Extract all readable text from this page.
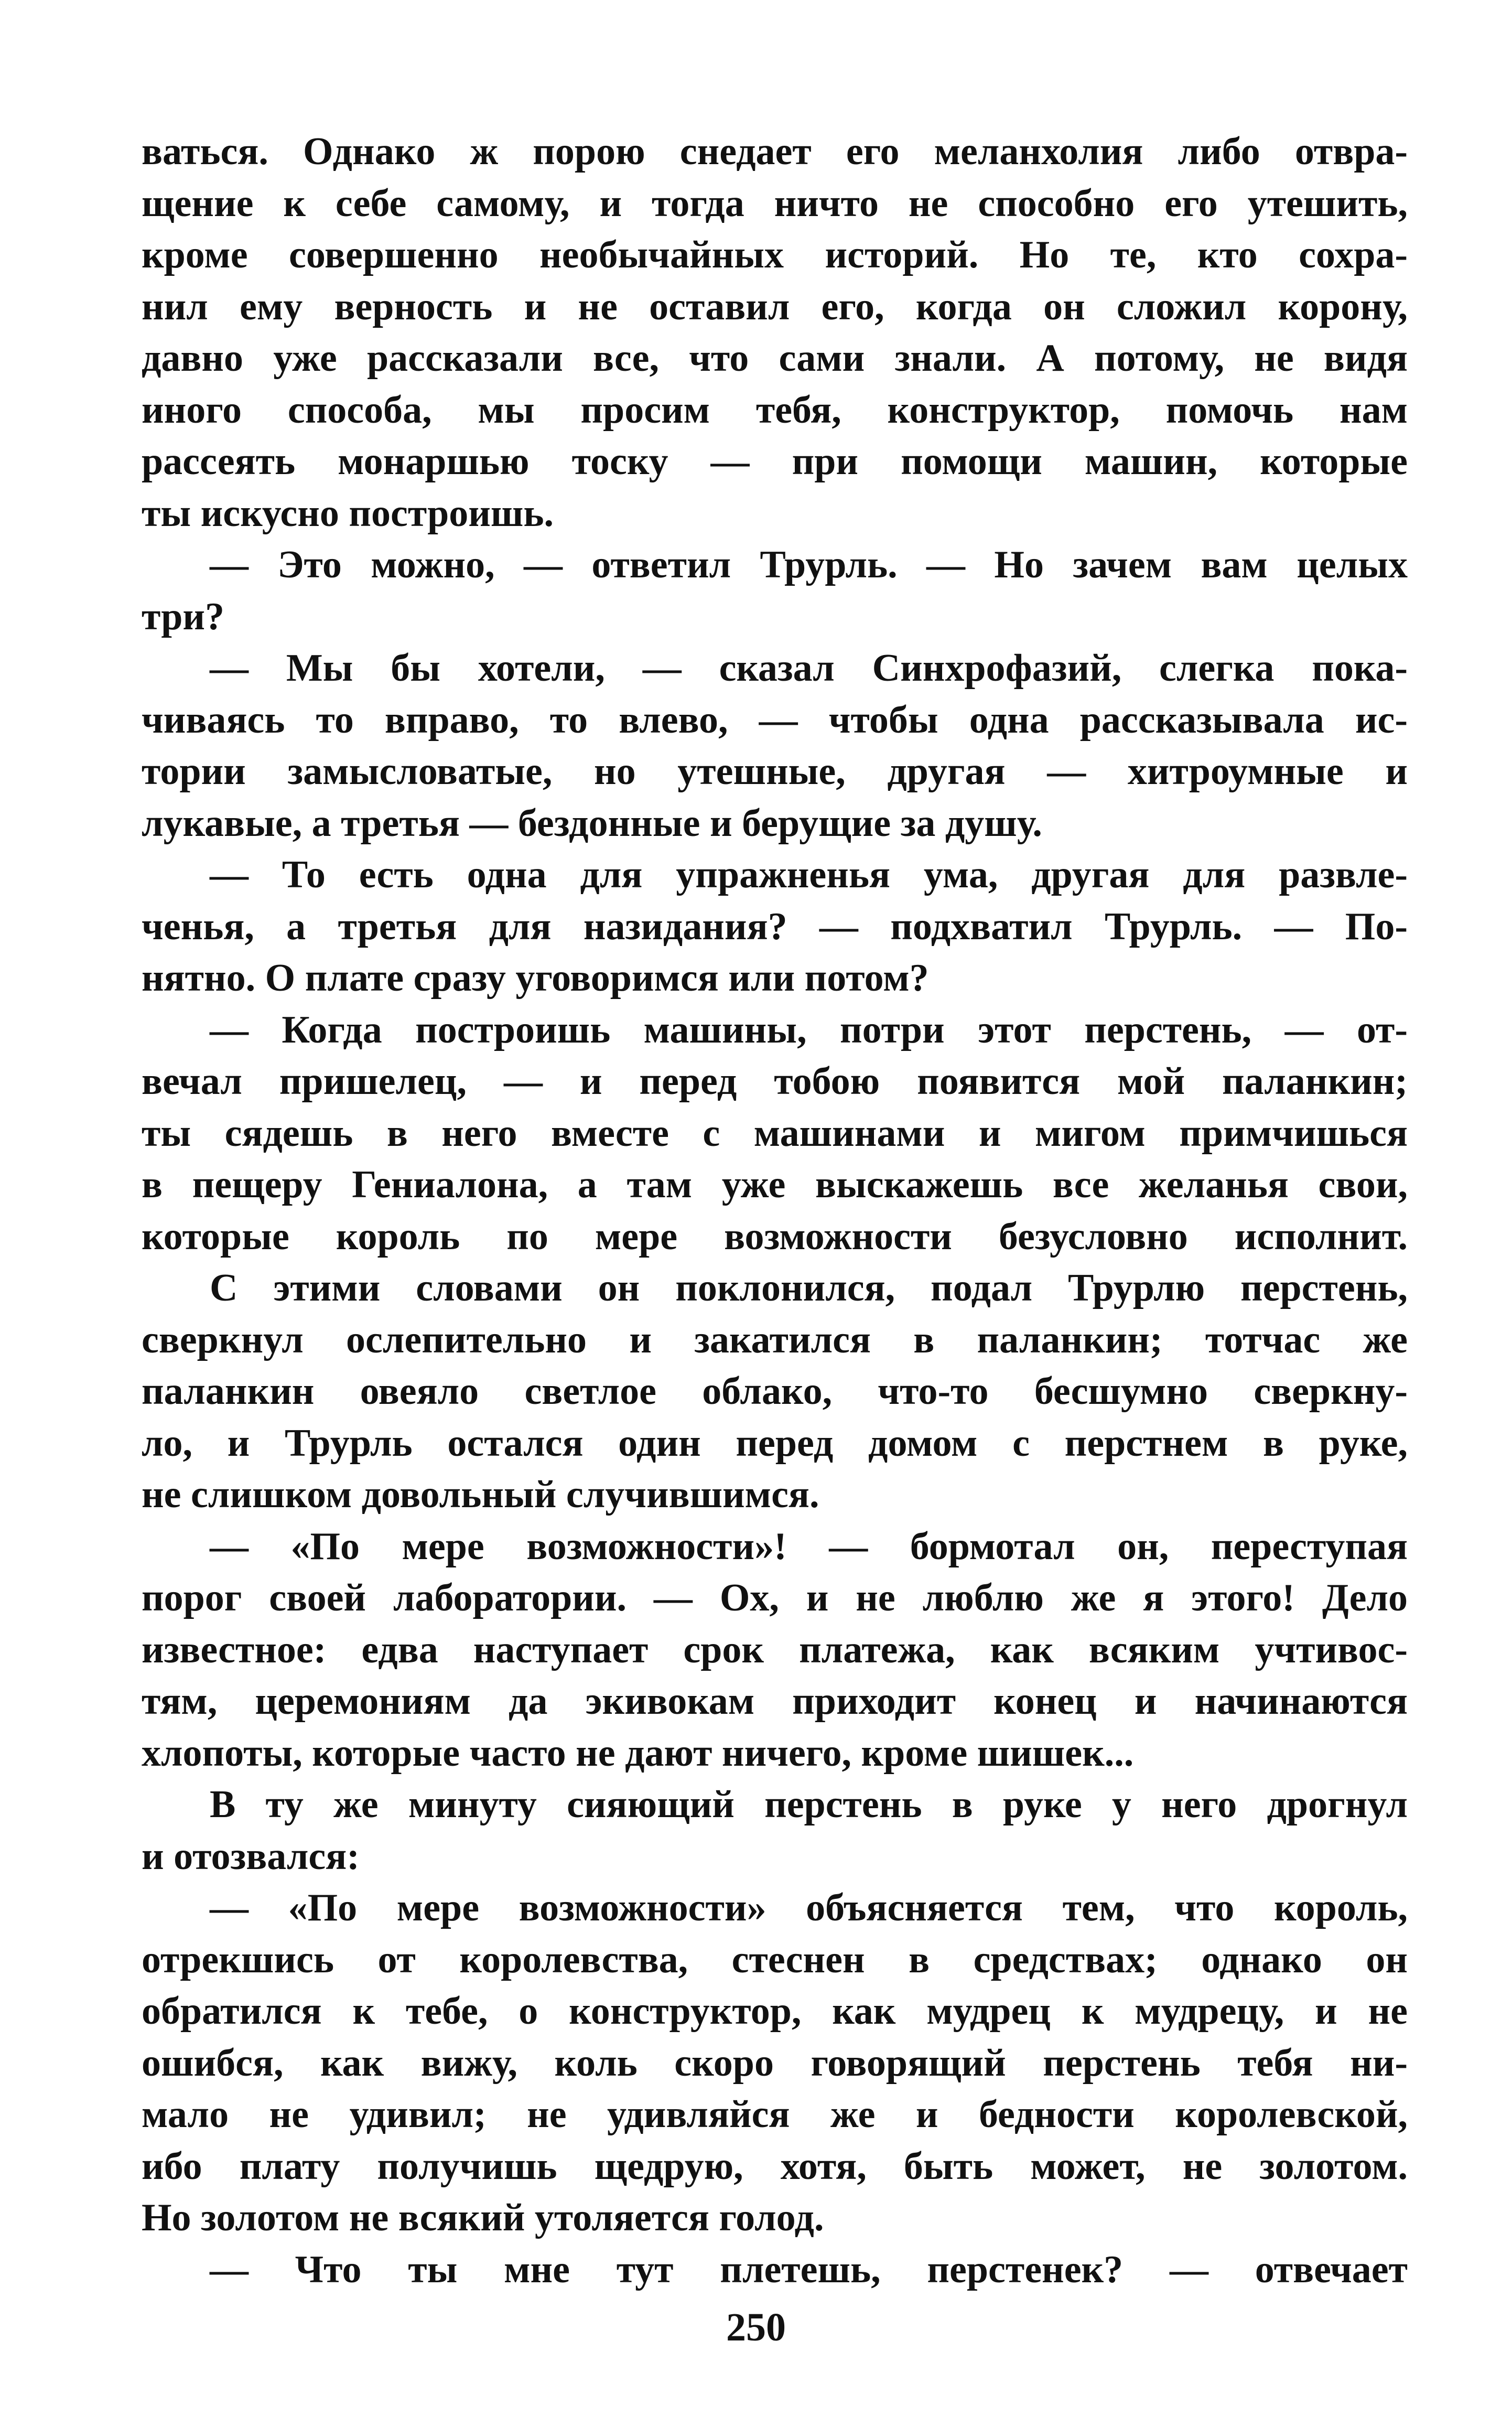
ваться. Однако ж порою снедает его меланхолия либо отвра-
щение к себе самому, и тогда ничто не способно его утешить,
кроме совершенно необычайных историй. Но те, кто сохра-
нил ему верность и не оставил его, когда он сложил корону,
давно уже рассказали все, что сами знали. А потому, не видя
иного способа, мы просим тебя, конструктор, помочь нам
рассеять монаршью тоску — при помощи машин, которые
ты искусно построишь.
— Это можно, — ответил Трурль. — Но зачем вам целых
три?
— Мы бы хотели, — сказал Синхрофазий, слегка пока-
чиваясь то вправо, то влево, — чтобы одна рассказывала ис-
тории замысловатые, но утешные, другая — хитроумные и
лукавые, а третья — бездонные и берущие за душу.
— То есть одна для упражненья ума, другая для развле-
ченья, а третья для назидания? — подхватил Трурль. — По-
нятно. О плате сразу уговоримся или потом?
— Когда построишь машины, потри этот перстень, — от-
вечал пришелец, — и перед тобою появится мой паланкин;
ты сядешь в него вместе с машинами и мигом примчишься
в пещеру Гениалона, а там уже выскажешь все желанья свои,
которые король по мере возможности безусловно исполнит.
С этими словами он поклонился, подал Трурлю перстень,
сверкнул ослепительно и закатился в паланкин; тотчас же
паланкин овеяло светлое облако, что-то бесшумно сверкну-
ло, и Трурль остался один перед домом с перстнем в руке,
не слишком довольный случившимся.
— «По мере возможности»! — бормотал он, переступая
порог своей лаборатории. — Ох, и не люблю же я этого! Дело
известное: едва наступает срок платежа, как всяким учтивос-
тям, церемониям да экивокам приходит конец и начинаются
хлопоты, которые часто не дают ничего, кроме шишек...
В ту же минуту сияющий перстень в руке у него дрогнул
и отозвался:
— «По мере возможности» объясняется тем, что король,
отрекшись от королевства, стеснен в средствах; однако он
обратился к тебе, о конструктор, как мудрец к мудрецу, и не
ошибся, как вижу, коль скоро говорящий перстень тебя ни-
мало не удивил; не удивляйся же и бедности королевской,
ибо плату получишь щедрую, хотя, быть может, не золотом.
Но золотом не всякий утоляется голод.
— Что ты мне тут плетешь, перстенек? — отвечает
250
